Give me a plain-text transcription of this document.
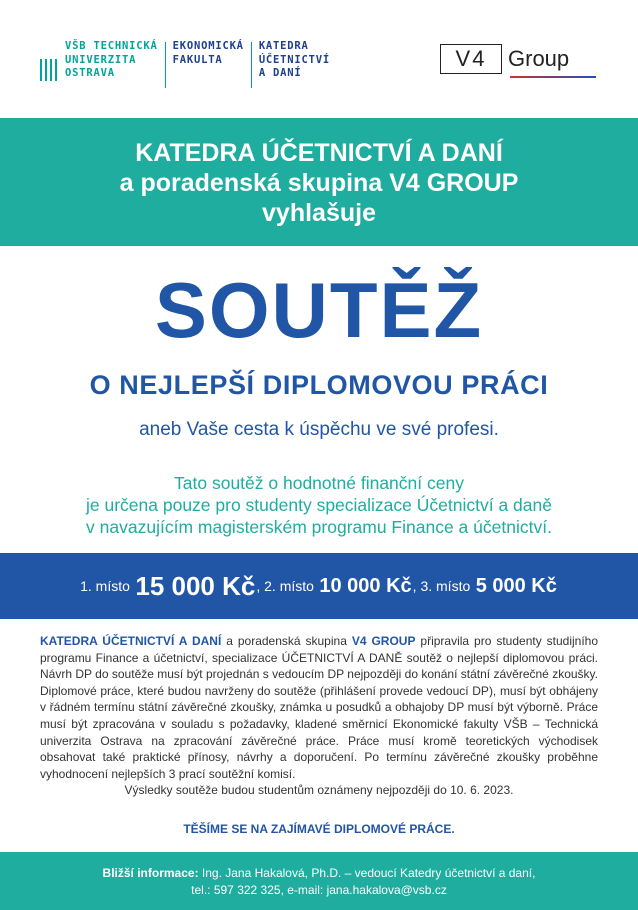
VŠB TECHNICKÁ
UNIVERZITA
OSTRAVA
EKONOMICKÁ
FAKULTA
KATEDRA
ÚČETNICTVÍ
A DANÍ
V4 Group
KATEDRA ÚČETNICTVÍ A DANÍ
a poradenská skupina V4 GROUP
vyhlašuje
SOUTĚŽ
O NEJLEPŠÍ DIPLOMOVOU PRÁCI
aneb Vaše cesta k úspěchu ve své profesi.
Tato soutěž o hodnotné finanční ceny
je určena pouze pro studenty specializace Účetnictví a daně
v navazujícím magisterském programu Finance a účetnictví.
1. místo
15 000 Kč , 2. místo
10 000 Kč , 3. místo
5 000 Kč
KATEDRA ÚČETNICTVÍ A DANÍ a poradenská skupina V4 GROUP připravila pro studenty studijního programu Finance a účetnictví, specializace ÚČETNICTVÍ A DANĚ soutěž o nejlepší diplomovou práci. Návrh DP do soutěže musí být projednán s vedoucím DP nejpozději do konání státní závěrečné zkoušky. Diplomové práce, které budou navrženy do soutěže (přihlášení provede vedoucí DP), musí být obhájeny v řádném termínu státní závěrečné zkoušky, známka u posudků a obhajoby DP musí být výborně. Práce musí být zpracována v souladu s požadavky, kladené směrnicí Ekonomické fakulty VŠB – Technická univerzita Ostrava na zpracování závěrečné práce. Práce musí kromě teoretických východisek obsahovat také praktické přínosy, návrhy a doporučení. Po termínu závěrečné zkoušky proběhne vyhodnocení nejlepších 3 prací soutěžní komisí.
Výsledky soutěže budou studentům oznámeny nejpozději do 10. 6. 2023.
TĚŠÍME SE NA ZAJÍMAVÉ DIPLOMOVÉ PRÁCE.
Bližší informace: Ing. Jana Hakalová, Ph.D. – vedoucí Katedry účetnictví a daní,
tel.: 597 322 325, e-mail: jana.hakalova@vsb.cz
